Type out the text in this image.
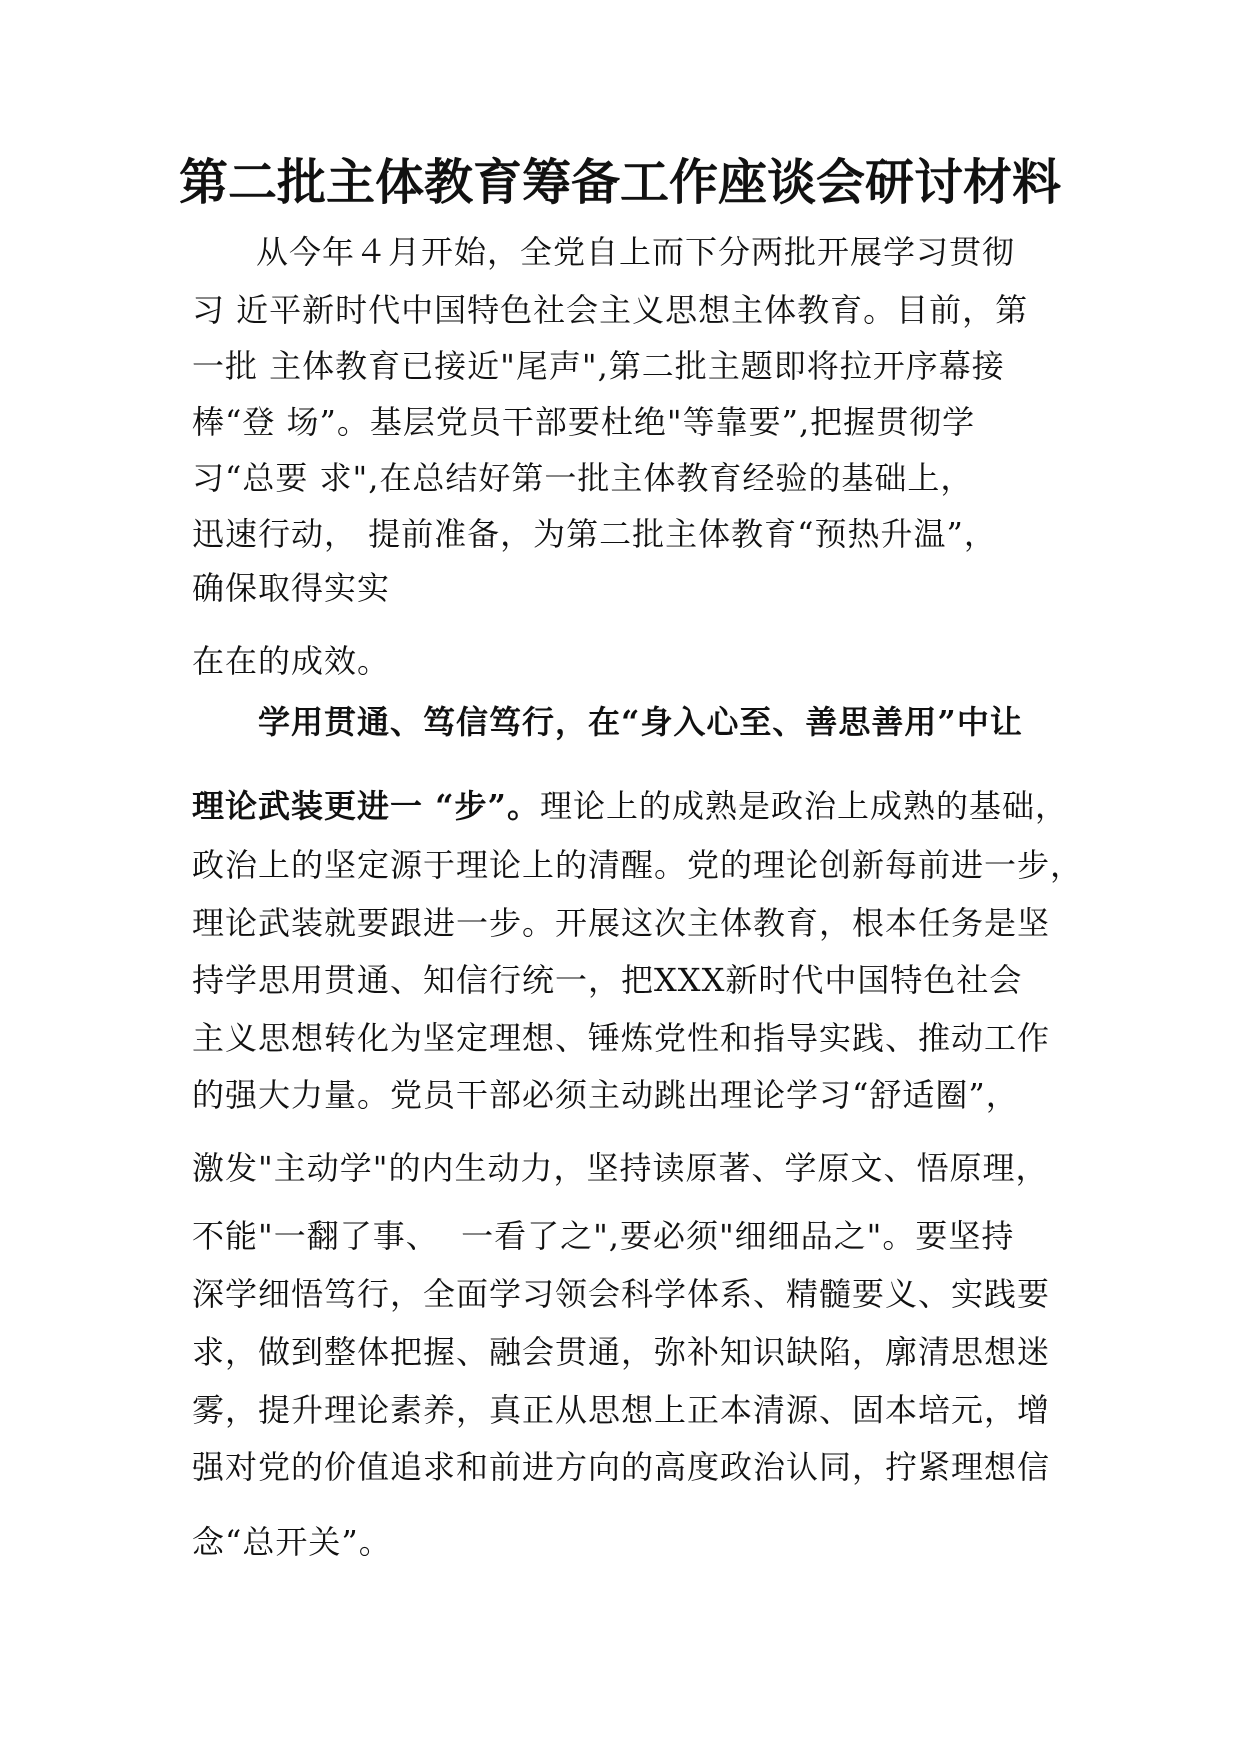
第二批主体教育筹备工作座谈会研讨材料
从今年４月开始，全党自上而下分两批开展学习贯彻
习 近平新时代中国特色社会主义思想主体教育。目前，第
一批 主体教育已接近"尾声",第二批主题即将拉开序幕接
棒“登 场”。基层党员干部要杜绝"等靠要”,把握贯彻学
习“总要 求",在总结好第一批主体教育经验的基础上，
迅速行动， 提前准备，为第二批主体教育“预热升温”，
确保取得实实
在在的成效。
学用贯通、笃信笃行，在“身入心至、善思善用”中让
理论武装更进一 “步”。理论上的成熟是政治上成熟的基础，
政治上的坚定源于理论上的清醒。党的理论创新每前进一步，
理论武装就要跟进一步。开展这次主体教育，根本任务是坚
持学思用贯通、知信行统一，把XXX新时代中国特色社会
主义思想转化为坚定理想、锤炼党性和指导实践、推动工作
的强大力量。党员干部必须主动跳出理论学习“舒适圈”，
激发"主动学"的内生动力，坚持读原著、学原文、悟原理，
不能"一翻了事、  一看了之",要必须"细细品之"。要坚持
深学细悟笃行，全面学习领会科学体系、精髓要义、实践要
求，做到整体把握、融会贯通，弥补知识缺陷，廓清思想迷
雾，提升理论素养，真正从思想上正本清源、固本培元，增
强对党的价值追求和前进方向的高度政治认同，拧紧理想信
念“总开关”。
